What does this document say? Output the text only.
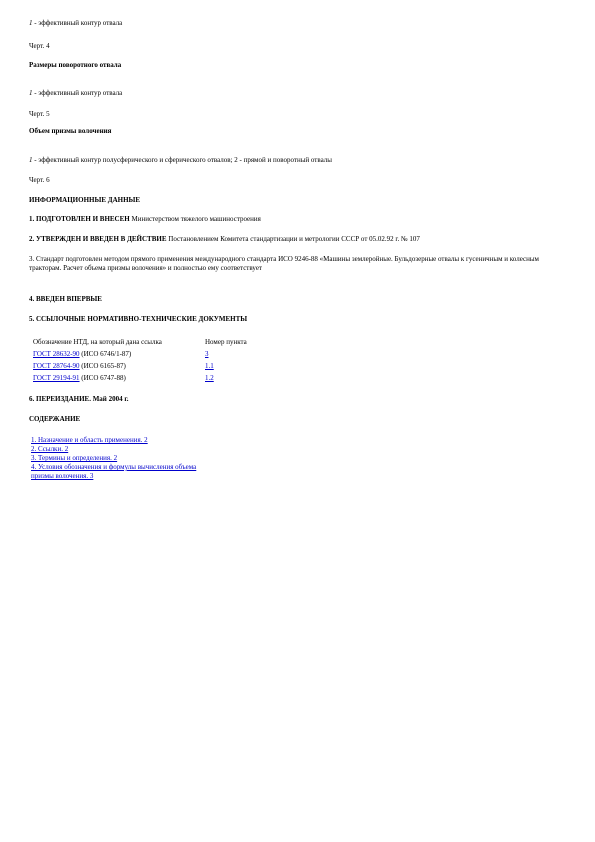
1 - эффективный контур отвала
Черт. 4
Размеры поворотного отвала
1 - эффективный контур отвала
Черт. 5
Объем призмы волочения
1 - эффективный контур полусферического и сферического отвалов; 2 - прямой и поворотный отвалы
Черт. 6
ИНФОРМАЦИОННЫЕ ДАННЫЕ
1. ПОДГОТОВЛЕН И ВНЕСЕН Министерством тяжелого машиностроения
2. УТВЕРЖДЕН И ВВЕДЕН В ДЕЙСТВИЕ Постановлением Комитета стандартизации и метрологии СССР от 05.02.92 г. № 107
3. Стандарт подготовлен методом прямого применения международного стандарта ИСО 9246-88 «Машины землеройные. Бульдозерные отвалы к гусеничным и колесным тракторам. Расчет объема призмы волочения» и полностью ему соответствует
4. ВВЕДЕН ВПЕРВЫЕ
5. ССЫЛОЧНЫЕ НОРМАТИВНО-ТЕХНИЧЕСКИЕ ДОКУМЕНТЫ
Обозначение НТД, на который дана ссылка	Номер пункта
ГОСТ 28632-90 (ИСО 6746/1-87)	3
ГОСТ 28764-90 (ИСО 6165-87)	1.1
ГОСТ 29194-91 (ИСО 6747-88)	1.2
6. ПЕРЕИЗДАНИЕ. Май 2004 г.
СОДЕРЖАНИЕ
1. Назначение и область применения. 2
2. Ссылки. 2
3. Термины и определения. 2
4. Условия обозначения и формулы вычисления объема
призмы волочения. 3
